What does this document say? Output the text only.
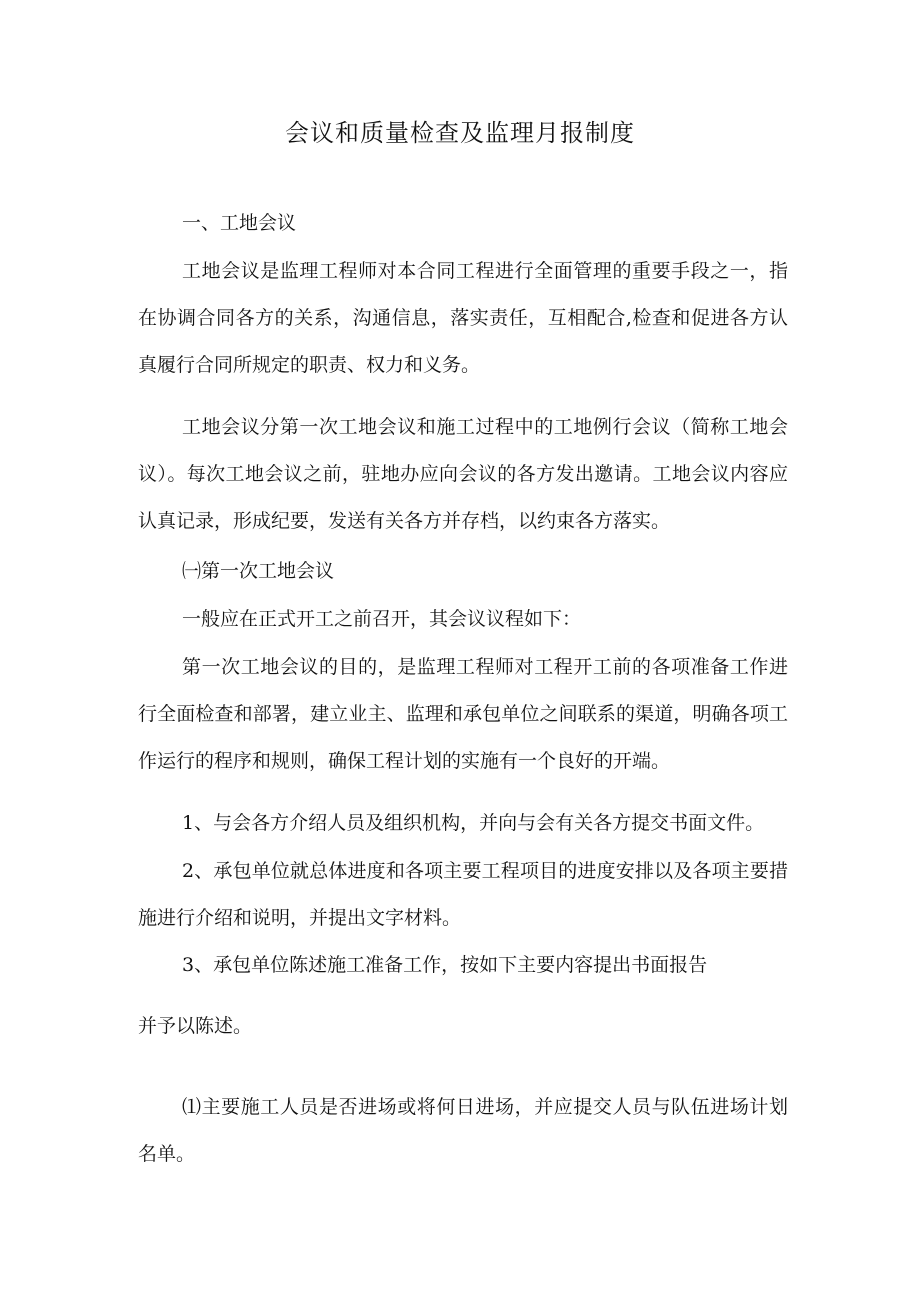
会议和质量检查及监理月报制度
一、工地会议

工地会议是监理工程师对本合同工程进行全面管理的重要手段之一，指在协调合同各方的关系，沟通信息，落实责任，互相配合,检查和促进各方认真履行合同所规定的职责、权力和义务。

工地会议分第一次工地会议和施工过程中的工地例行会议（简称工地会议）。每次工地会议之前，驻地办应向会议的各方发出邀请。工地会议内容应认真记录，形成纪要，发送有关各方并存档，以约束各方落实。

㈠第一次工地会议

一般应在正式开工之前召开，其会议议程如下：

第一次工地会议的目的，是监理工程师对工程开工前的各项准备工作进行全面检查和部署，建立业主、监理和承包单位之间联系的渠道，明确各项工作运行的程序和规则，确保工程计划的实施有一个良好的开端。

1、与会各方介绍人员及组织机构，并向与会有关各方提交书面文件。

2、承包单位就总体进度和各项主要工程项目的进度安排以及各项主要措施进行介绍和说明，并提出文字材料。

3、承包单位陈述施工准备工作，按如下主要内容提出书面报告

并予以陈述。

⑴主要施工人员是否进场或将何日进场，并应提交人员与队伍进场计划名单。
